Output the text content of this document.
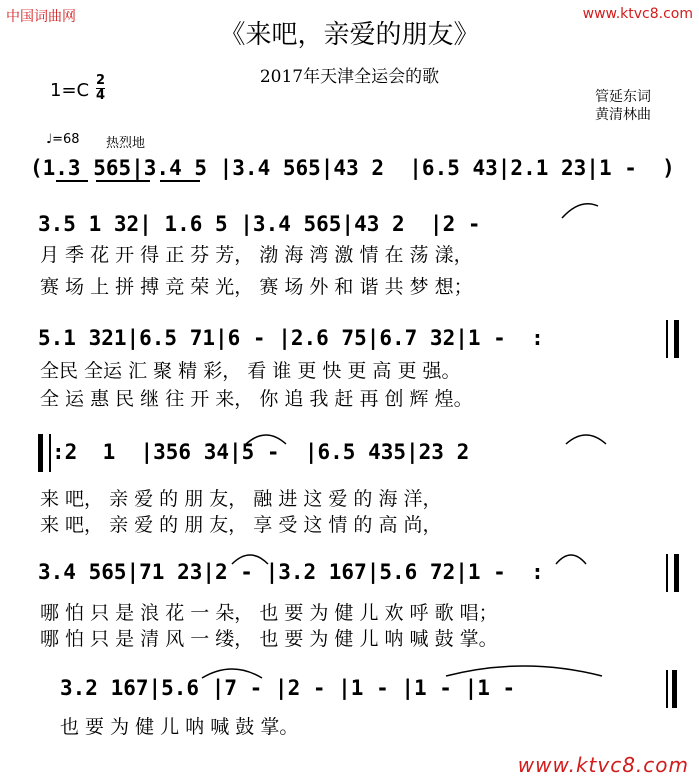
中国词曲网	www.ktvc8.com
《来吧，亲爱的朋友》
2017年天津全运会的歌
1=C 2
4	管延东词
黄清林曲
♩=68 热烈地
(1.3 565|3.4 5 |3.4 565|43 2  |6.5 43|2.1 23|1 -  )
3.5 1 32| 1.6 5 |3.4 565|43 2  |2 -
月 季 花 开 得 正 芬 芳， 渤 海 湾 激 情 在 荡 漾，
赛 场 上 拼 搏 竞 荣 光， 赛 场 外 和 谐 共 梦 想；
5.1 321|6.5 71|6 - |2.6 75|6.7 32|1 -  :
全民 全运 汇 聚 精 彩， 看 谁 更 快 更 高 更 强。
全 运 惠 民 继 往 开 来， 你 追 我 赶 再 创 辉 煌。
:2  1  |356 34|5 -  |6.5 435|23 2
来 吧， 亲 爱 的 朋 友， 融 进 这 爱 的 海 洋，
来 吧， 亲 爱 的 朋 友， 享 受 这 情 的 高 尚，
3.4 565|71 23|2 - |3.2 167|5.6 72|1 -  :
哪 怕 只 是 浪 花 一 朵， 也 要 为 健 儿 欢 呼 歌 唱；
哪 怕 只 是 清 风 一 缕， 也 要 为 健 儿 呐 喊 鼓 掌。
3.2 167|5.6 |7 - |2 - |1 - |1 - |1 -
也 要 为 健 儿 呐 喊 鼓 掌。
www.ktvc8.com
